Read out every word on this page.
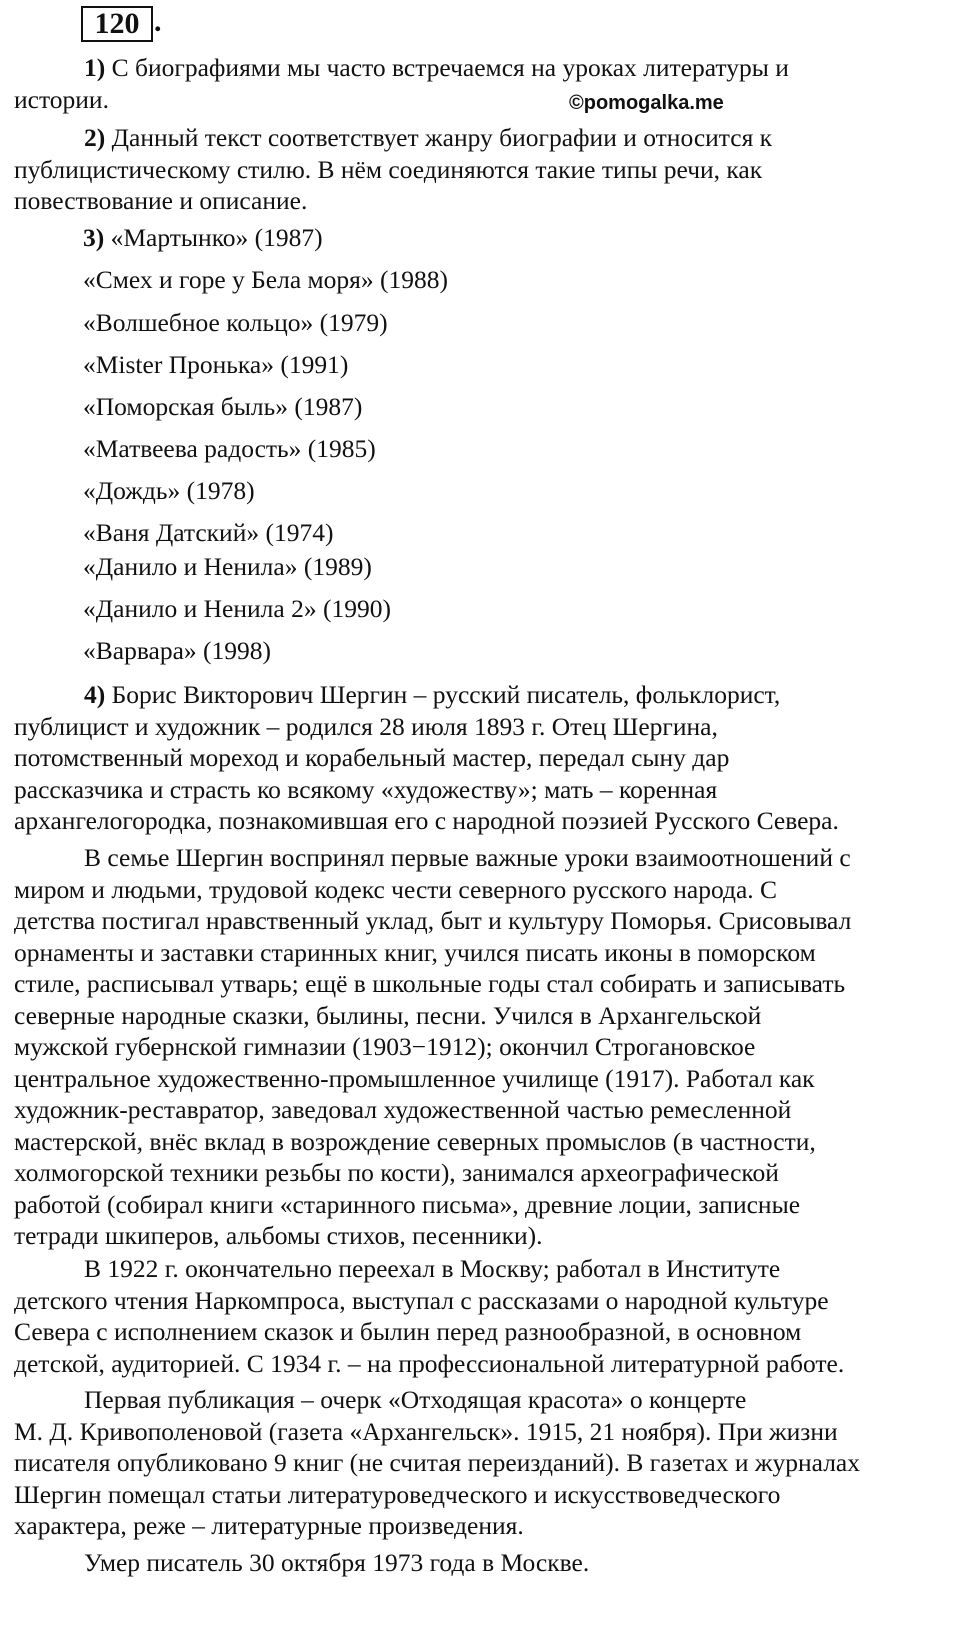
120 .
©pomogalka.me
1) С биографиями мы часто встречаемся на уроках литературы и
истории.
2) Данный текст соответствует жанру биографии и относится к
публицистическому стилю. В нём соединяются такие типы речи, как
повествование и описание.
3) «Мартынко» (1987)
«Смех и горе у Бела моря» (1988)
«Волшебное кольцо» (1979)
«Mister Пронька» (1991)
«Поморская быль» (1987)
«Матвеева радость» (1985)
«Дождь» (1978)
«Ваня Датский» (1974)
«Данило и Ненила» (1989)
«Данило и Ненила 2» (1990)
«Варвара» (1998)
4) Борис Викторович Шергин – русский писатель, фольклорист,
публицист и художник – родился 28 июля 1893 г. Отец Шергина,
потомственный мореход и корабельный мастер, передал сыну дар
рассказчика и страсть ко всякому «художеству»; мать – коренная
архангелогородка, познакомившая его с народной поэзией Русского Севера.
В семье Шергин воспринял первые важные уроки взаимоотношений с
миром и людьми, трудовой кодекс чести северного русского народа. С
детства постигал нравственный уклад, быт и культуру Поморья. Срисовывал
орнаменты и заставки старинных книг, учился писать иконы в поморском
стиле, расписывал утварь; ещё в школьные годы стал собирать и записывать
северные народные сказки, былины, песни. Учился в Архангельской
мужской губернской гимназии (1903−1912); окончил Строгановское
центральное художественно-промышленное училище (1917). Работал как
художник-реставратор, заведовал художественной частью ремесленной
мастерской, внёс вклад в возрождение северных промыслов (в частности,
холмогорской техники резьбы по кости), занимался археографической
работой (собирал книги «старинного письма», древние лоции, записные
тетради шкиперов, альбомы стихов, песенники).
В 1922 г. окончательно переехал в Москву; работал в Институте
детского чтения Наркомпроса, выступал с рассказами о народной культуре
Севера с исполнением сказок и былин перед разнообразной, в основном
детской, аудиторией. С 1934 г. – на профессиональной литературной работе.
Первая публикация – очерк «Отходящая красота» о концерте
М. Д. Кривополеновой (газета «Архангельск». 1915, 21 ноября). При жизни
писателя опубликовано 9 книг (не считая переизданий). В газетах и журналах
Шергин помещал статьи литературоведческого и искусствоведческого
характера, реже – литературные произведения.
Умер писатель 30 октября 1973 года в Москве.
